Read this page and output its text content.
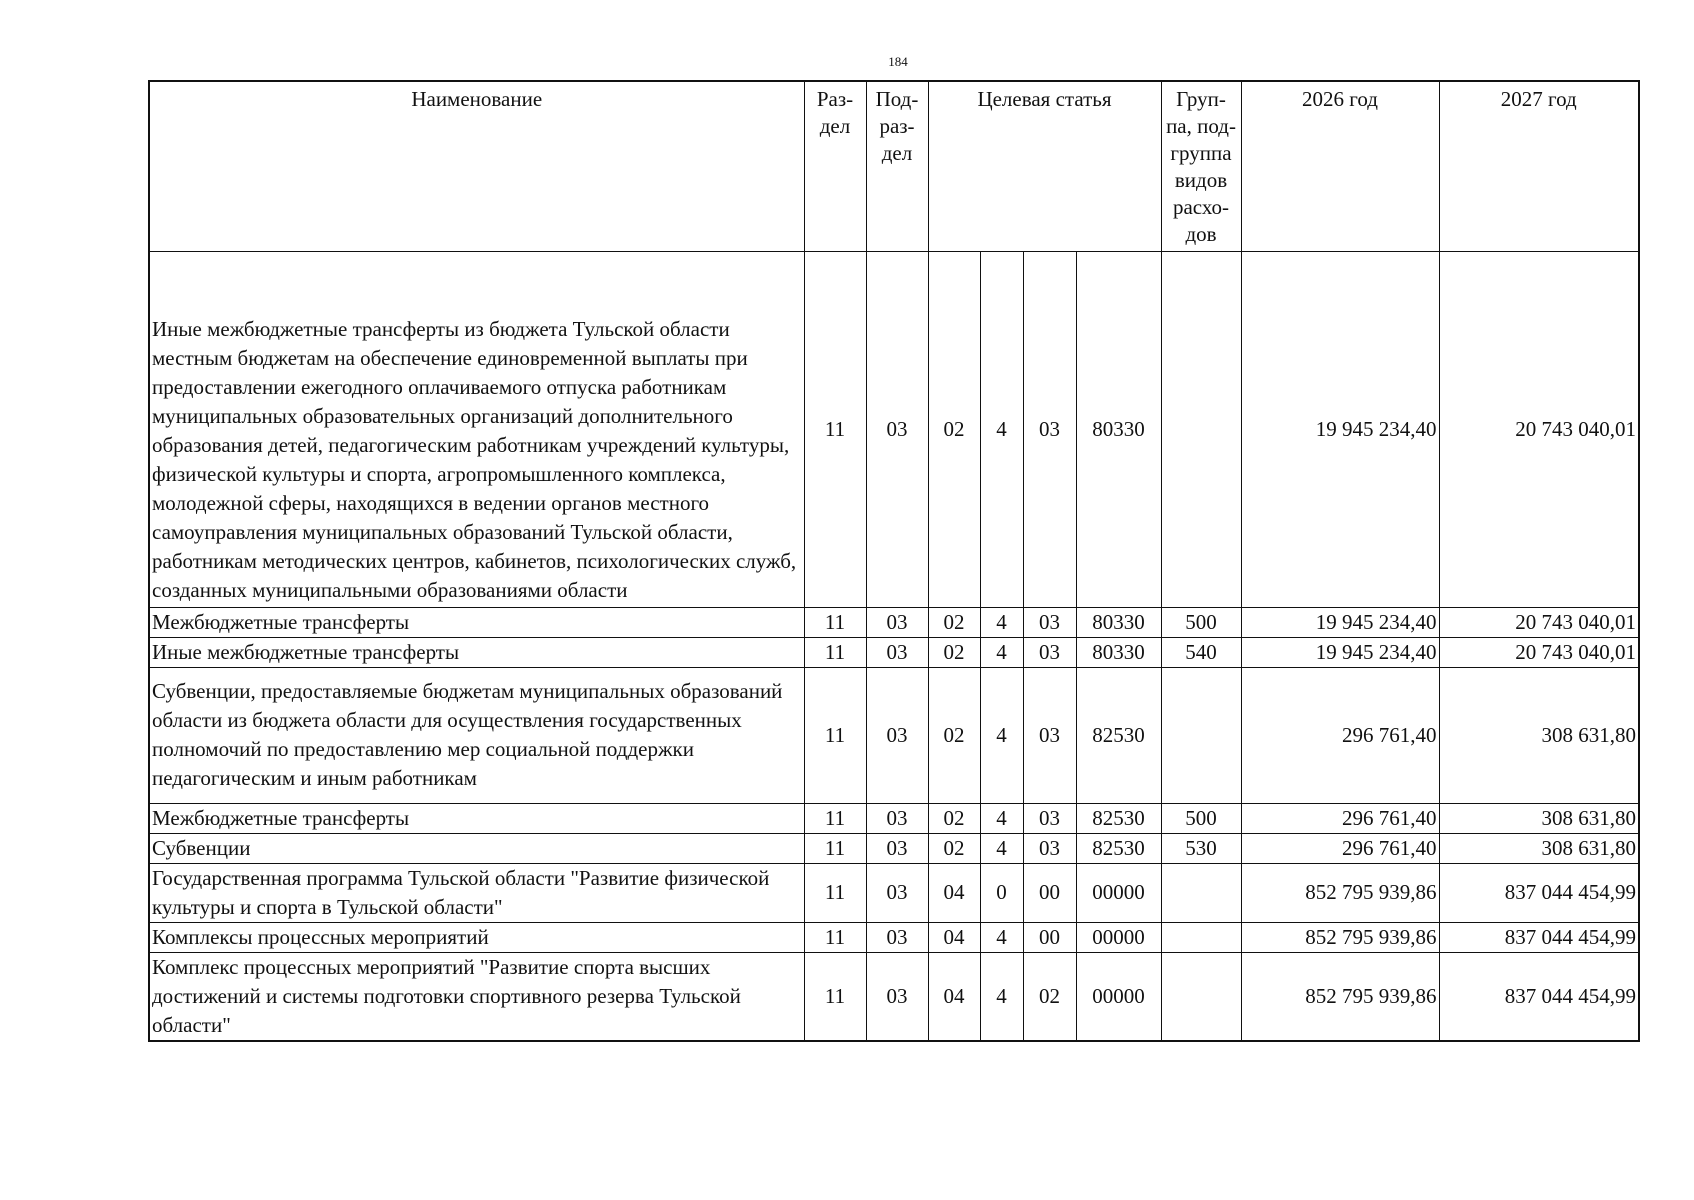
184
Наименование	Раз-дел	Под-раз-дел	Целевая статья				Груп-па, под-группа видов расхо-дов	2026 год	2027 год
Иные межбюджетные трансферты из бюджета Тульской области местным бюджетам на обеспечение единовременной выплаты при предоставлении ежегодного оплачиваемого отпуска работникам муниципальных образовательных организаций дополнительного образования детей, педагогическим работникам учреждений культуры, физической культуры и спорта, агропромышленного комплекса, молодежной сферы, находящихся в ведении органов местного самоуправления муниципальных образований Тульской области, работникам методических центров, кабинетов, психологических служб, созданных муниципальными образованиями области	11	03	02	4	03	80330		19 945 234,40	20 743 040,01
Межбюджетные трансферты	11	03	02	4	03	80330	500	19 945 234,40	20 743 040,01
Иные межбюджетные трансферты	11	03	02	4	03	80330	540	19 945 234,40	20 743 040,01
Субвенции, предоставляемые бюджетам муниципальных образований области из бюджета области для осуществления государственных полномочий по предоставлению мер социальной поддержки педагогическим и иным работникам	11	03	02	4	03	82530		296 761,40	308 631,80
Межбюджетные трансферты	11	03	02	4	03	82530	500	296 761,40	308 631,80
Субвенции	11	03	02	4	03	82530	530	296 761,40	308 631,80
Государственная программа Тульской области "Развитие физической культуры и спорта в Тульской области"	11	03	04	0	00	00000		852 795 939,86	837 044 454,99
Комплексы процессных мероприятий	11	03	04	4	00	00000		852 795 939,86	837 044 454,99
Комплекс процессных мероприятий "Развитие спорта высших достижений и системы подготовки спортивного резерва Тульской области"	11	03	04	4	02	00000		852 795 939,86	837 044 454,99
